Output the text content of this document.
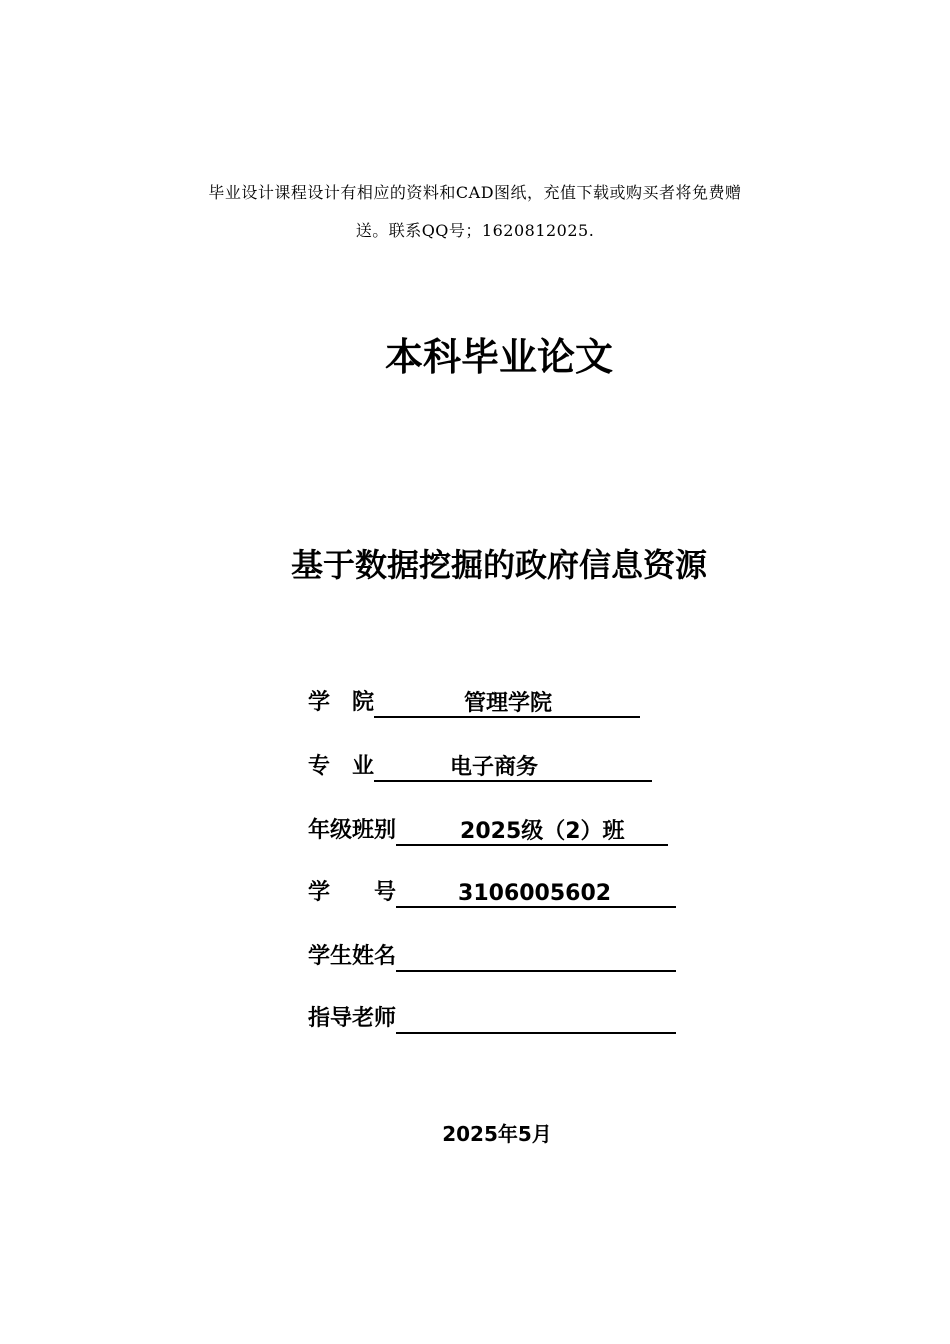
毕业设计课程设计有相应的资料和CAD图纸，充值下载或购买者将免费赠
送。联系QQ号；1620812025.
本科毕业论文
基于数据挖掘的政府信息资源
学　院	管理学院
专　业	电子商务
年级班别	2025级（2）班
学　　号	3106005602
学生姓名
指导老师
2025年5月
